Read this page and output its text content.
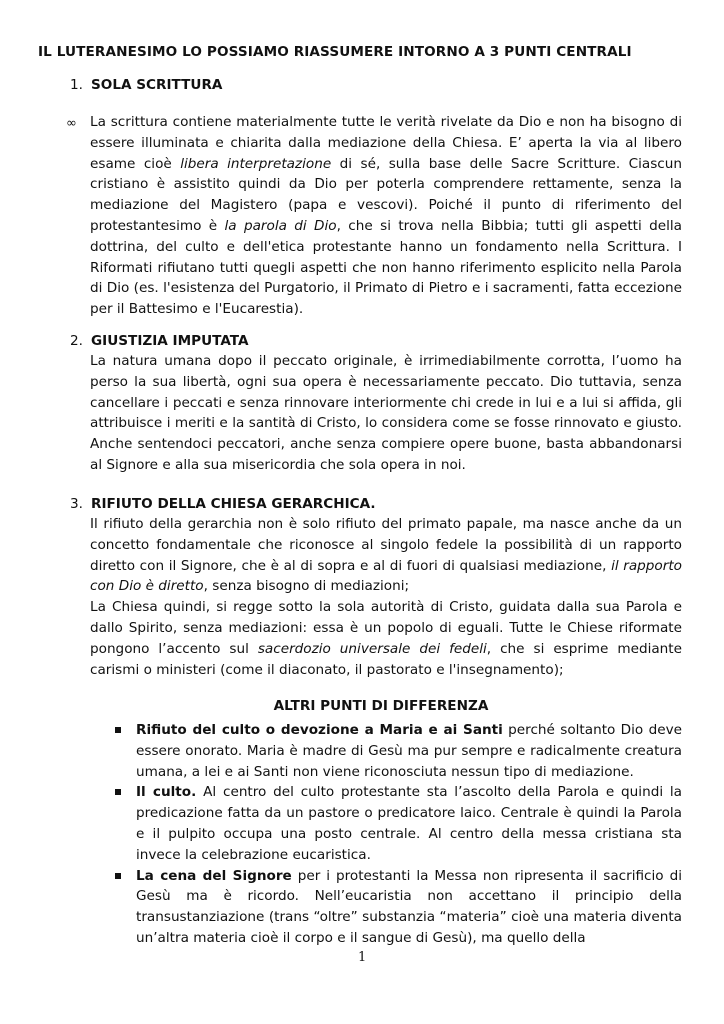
IL LUTERANESIMO LO POSSIAMO RIASSUMERE INTORNO A 3 PUNTI CENTRALI
1. SOLA SCRITTURA
∞ La scrittura contiene materialmente tutte le verità rivelate da Dio e non ha bisogno di essere illuminata e chiarita dalla mediazione della Chiesa. E’ aperta la via al libero esame cioè libera interpretazione di sé, sulla base delle Sacre Scritture. Ciascun cristiano è assistito quindi da Dio per poterla comprendere rettamente, senza la mediazione del Magistero (papa e vescovi). Poiché il punto di riferimento del protestantesimo è la parola di Dio, che si trova nella Bibbia; tutti gli aspetti della dottrina, del culto e dell'etica protestante hanno un fondamento nella Scrittura. I Riformati rifiutano tutti quegli aspetti che non hanno riferimento esplicito nella Parola di Dio (es. l'esistenza del Purgatorio, il Primato di Pietro e i sacramenti, fatta eccezione per il Battesimo e l'Eucarestia).

2. GIUSTIZIA IMPUTATA

La natura umana dopo il peccato originale, è irrimediabilmente corrotta, l’uomo ha perso la sua libertà, ogni sua opera è necessariamente peccato. Dio tuttavia, senza cancellare i peccati e senza rinnovare interiormente chi crede in lui e a lui si affida, gli attribuisce i meriti e la santità di Cristo, lo considera come se fosse rinnovato e giusto. Anche sentendoci peccatori, anche senza compiere opere buone, basta abbandonarsi al Signore e alla sua misericordia che sola opera in noi.

3. RIFIUTO DELLA CHIESA GERARCHICA.

Il rifiuto della gerarchia non è solo rifiuto del primato papale, ma nasce anche da un concetto fondamentale che riconosce al singolo fedele la possibilità di un rapporto diretto con il Signore, che è al di sopra e al di fuori di qualsiasi mediazione, il rapporto con Dio è diretto, senza bisogno di mediazioni;

La Chiesa quindi, si regge sotto la sola autorità di Cristo, guidata dalla sua Parola e dallo Spirito, senza mediazioni: essa è un popolo di eguali. Tutte le Chiese riformate pongono l’accento sul sacerdozio universale dei fedeli, che si esprime mediante carismi o ministeri (come il diaconato, il pastorato e l'insegnamento);

ALTRI PUNTI DI DIFFERENZA
Rifiuto del culto o devozione a Maria e ai Santi perché soltanto Dio deve essere onorato. Maria è madre di Gesù ma pur sempre e radicalmente creatura umana, a lei e ai Santi non viene riconosciuta nessun tipo di mediazione.
Il culto. Al centro del culto protestante sta l’ascolto della Parola e quindi la predicazione fatta da un pastore o predicatore laico. Centrale è quindi la Parola e il pulpito occupa una posto centrale. Al centro della messa cristiana sta invece la celebrazione eucaristica.
La cena del Signore per i protestanti la Messa non ripresenta il sacrificio di Gesù ma è ricordo. Nell’eucaristia non accettano il principio della transustanziazione (trans “oltre” substanzia “materia” cioè una materia diventa un’altra materia cioè il corpo e il sangue di Gesù), ma quello della
1
